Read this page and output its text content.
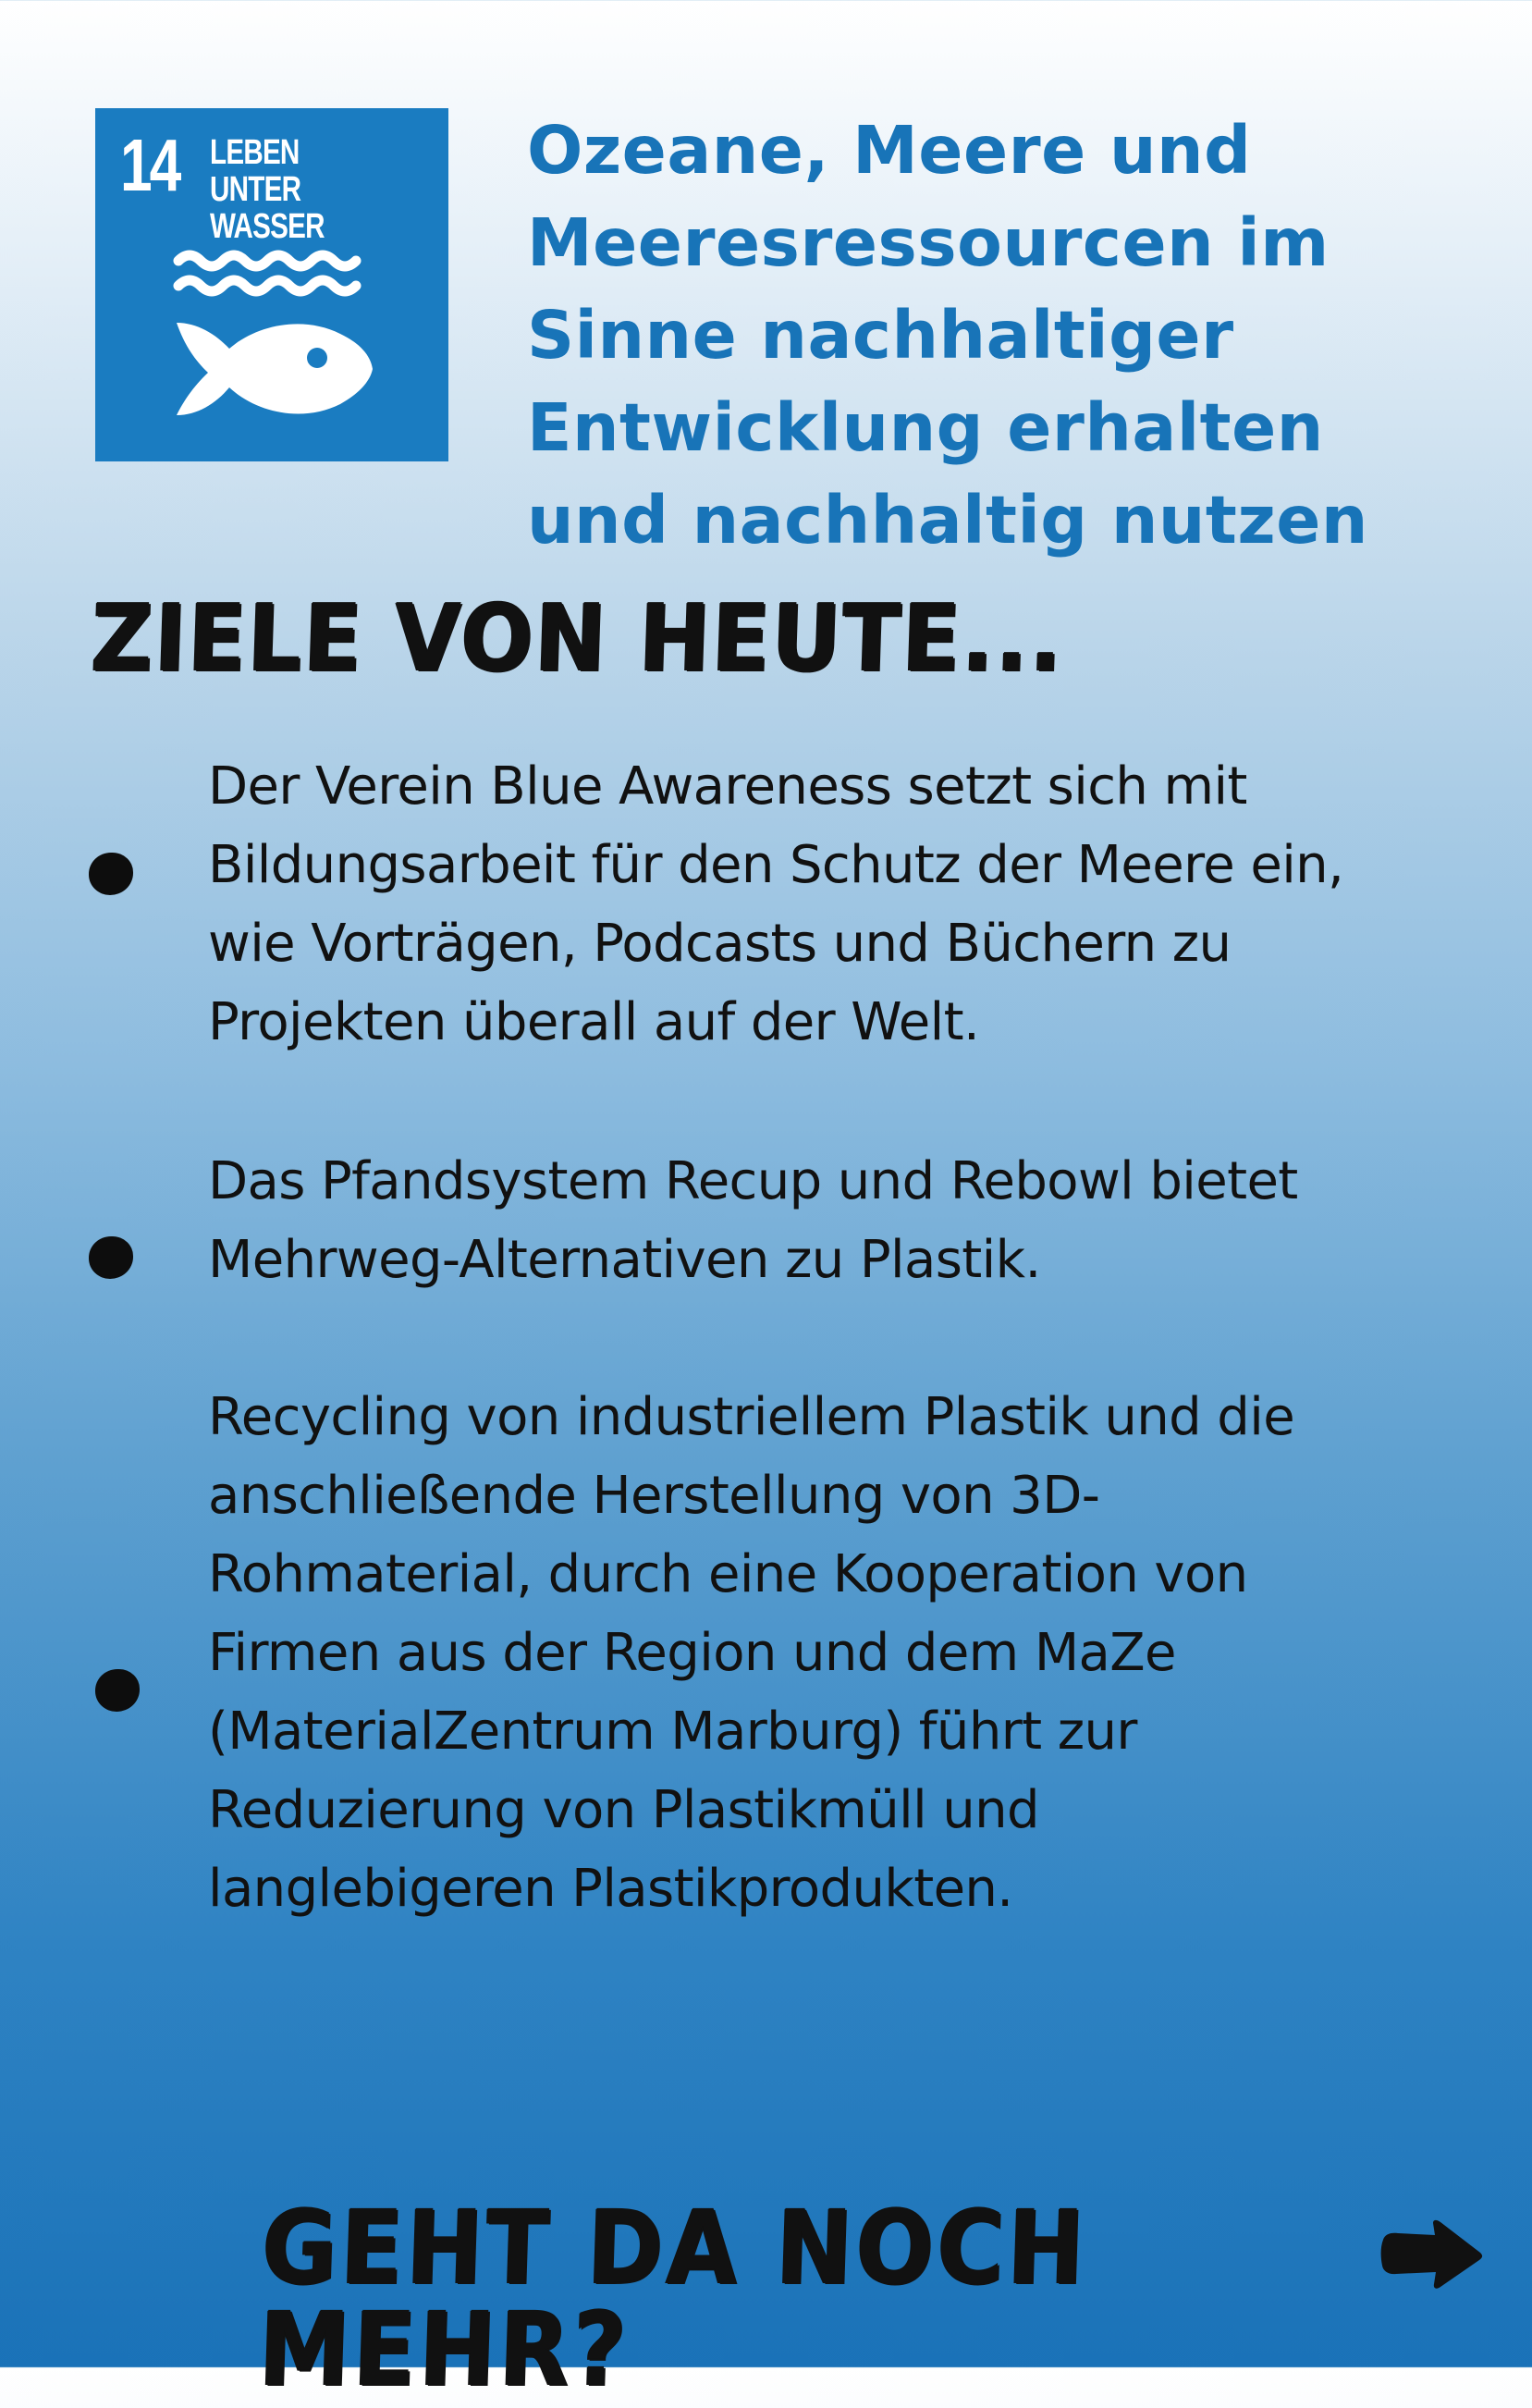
14 LEBEN UNTER
WASSER
Ozeane, Meere und
Meeresressourcen im
Sinne nachhaltiger
Entwicklung erhalten
und nachhaltig nutzen
ZIELE VON HEUTE...

Der Verein Blue Awareness setzt sich mit
Bildungsarbeit für den Schutz der Meere ein,
wie Vorträgen, Podcasts und Büchern zu
Projekten überall auf der Welt.

Das Pfandsystem Recup und Rebowl bietet
Mehrweg-Alternativen zu Plastik.

Recycling von industriellem Plastik und die
anschließende Herstellung von 3D-
Rohmaterial, durch eine Kooperation von
Firmen aus der Region und dem MaZe
(MaterialZentrum Marburg) führt zur
Reduzierung von Plastikmüll und
langlebigeren Plastikprodukten.

GEHT DA NOCH MEHR?
